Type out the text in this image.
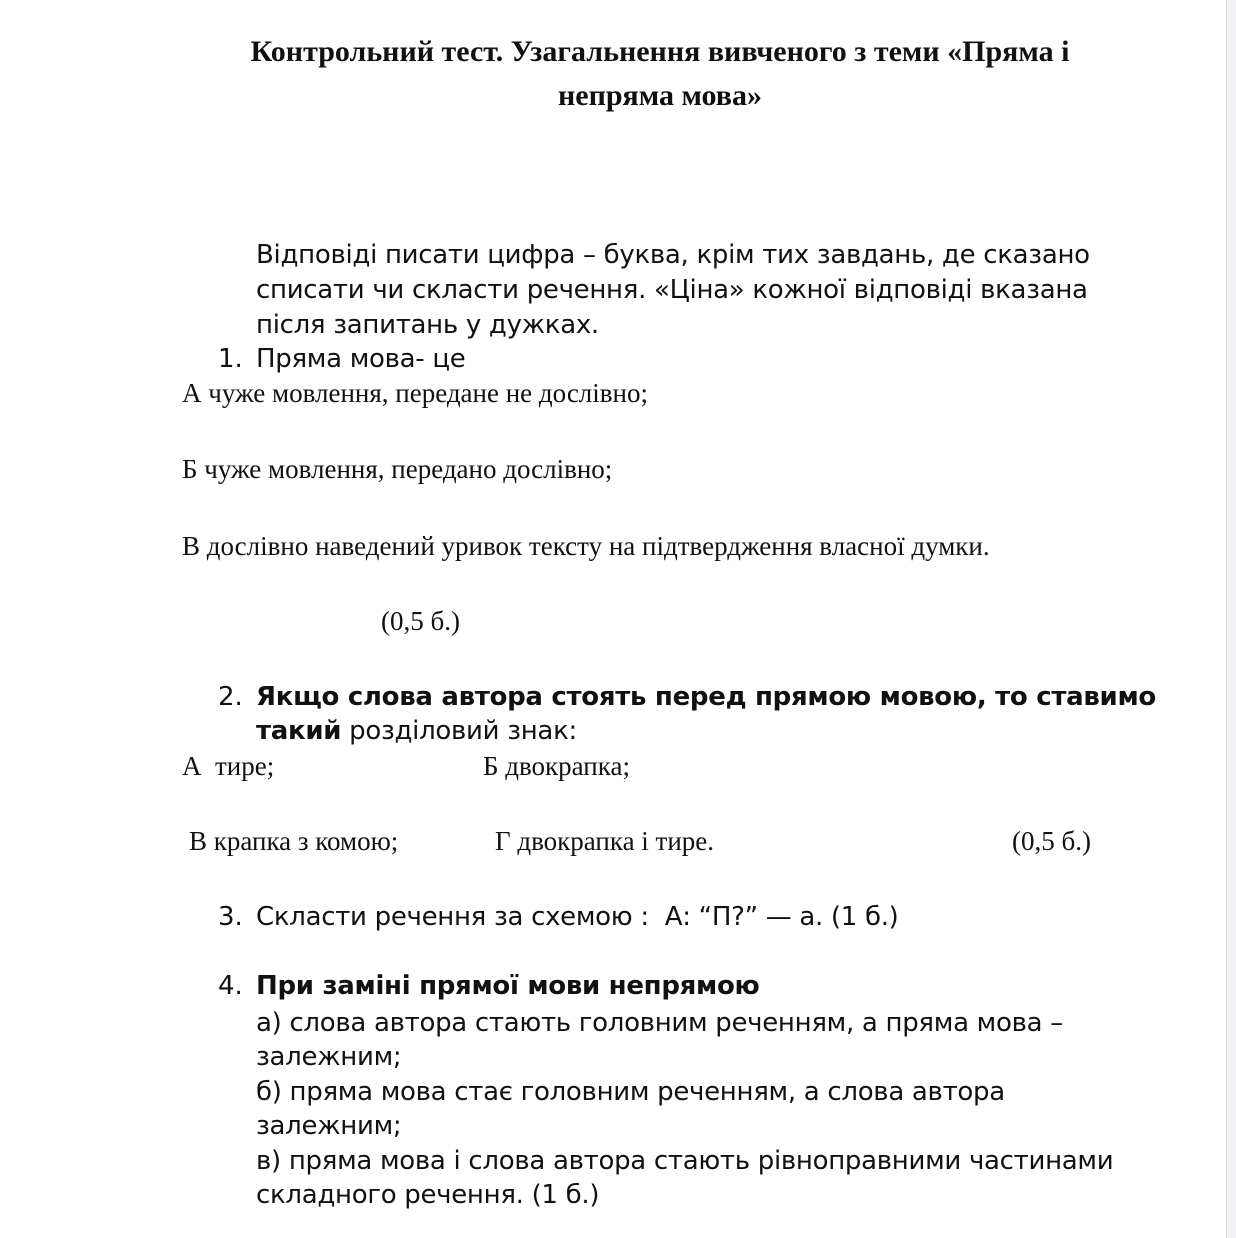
Контрольний тест. Узагальнення вивченого з теми «Пряма і
непряма мова»

Відповіді писати цифра – буква, крім тих завдань, де сказано

списати чи скласти речення. «Ціна» кожної відповіді вказана

після запитань у дужках.

1. Пряма мова- це

А чуже мовлення, передане не дослівно;

Б чуже мовлення, передано дослівно;

В дослівно наведений уривок тексту на підтвердження власної думки.

(0,5 б.)

2. Якщо слова автора стоять перед прямою мовою, то ставимо

такий розділовий знак:

А  тире;	Б двокрапка;

В крапка з комою;	Г двокрапка і тире.	(0,5 б.)

3. Скласти речення за схемою :  А: “П?” — а. (1 б.)

4. При заміні прямої мови непрямою

а) слова автора стають головним реченням, а пряма мова –

залежним;

б) пряма мова стає головним реченням, а слова автора

залежним;

в) пряма мова і слова автора стають рівноправними частинами

складного речення. (1 б.)
